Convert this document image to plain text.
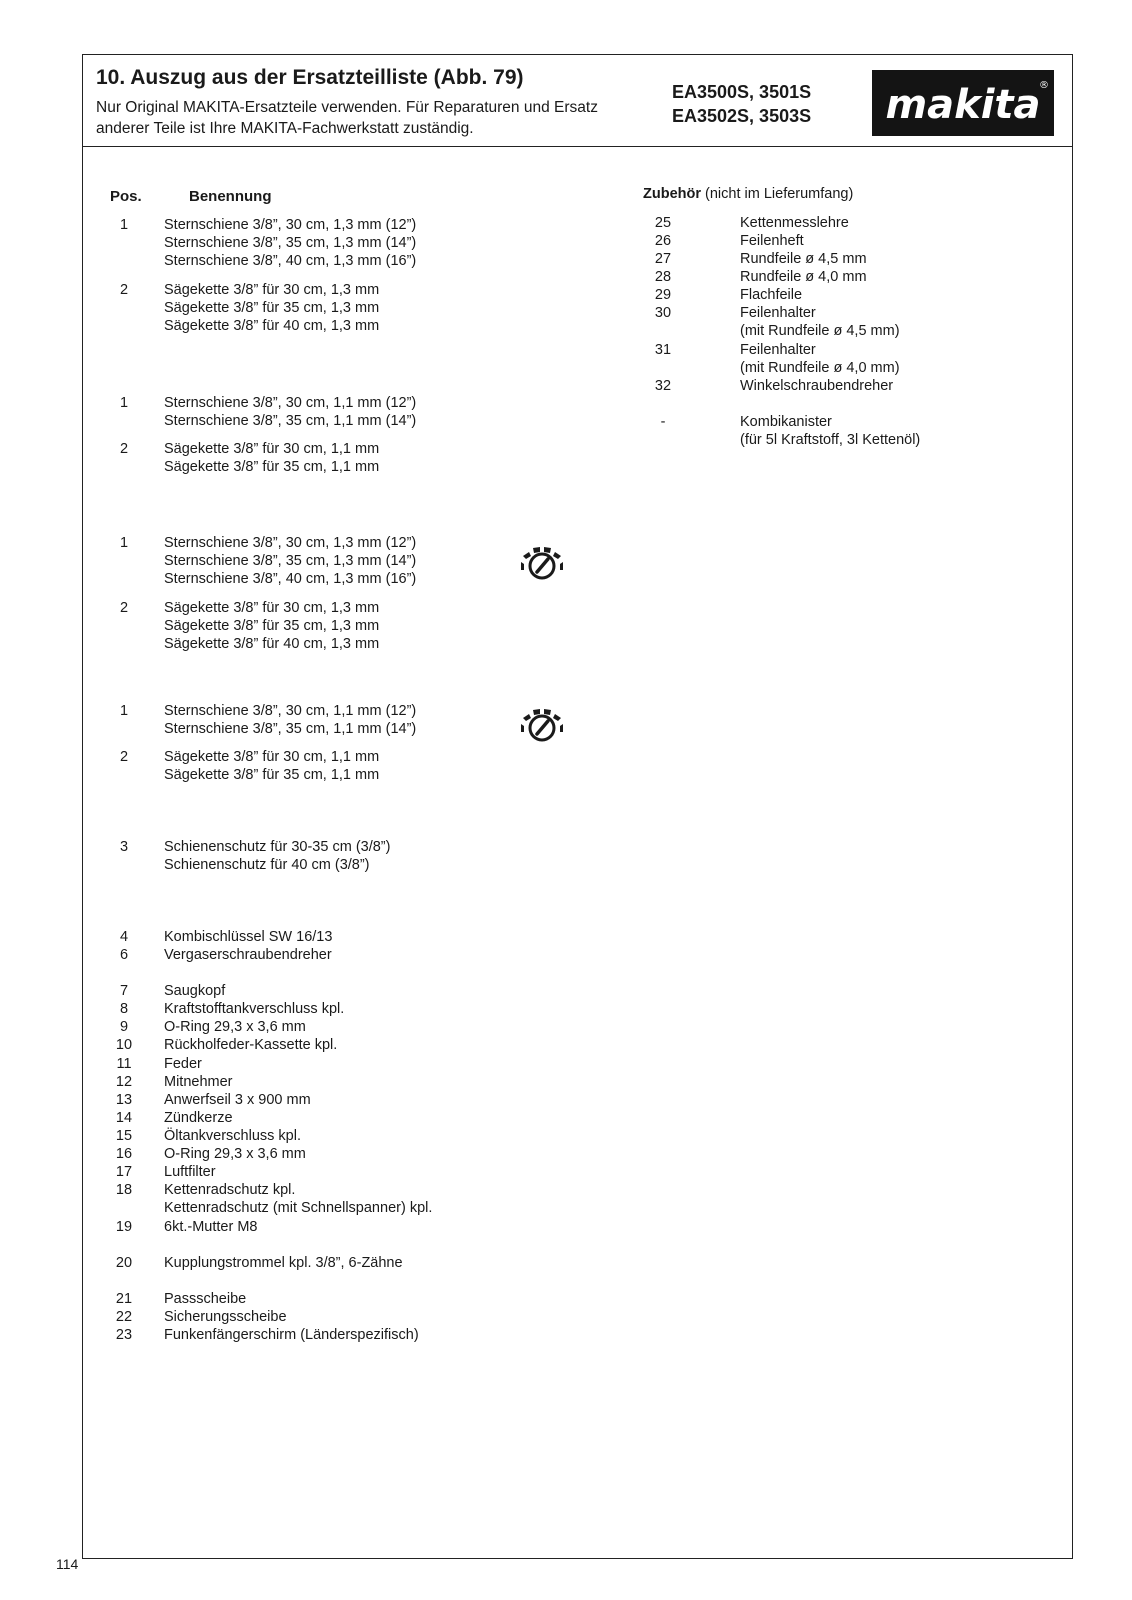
10. Auszug aus der Ersatzteilliste (Abb. 79)
Nur Original MAKITA-Ersatzteile verwenden. Für Reparaturen und Ersatz
anderer Teile ist Ihre MAKITA-Fachwerkstatt zuständig.
EA3500S, 3501S
EA3502S, 3503S makita
®
Pos.	Benennung
1	Sternschiene 3/8”, 30 cm, 1,3 mm (12”)
Sternschiene 3/8”, 35 cm, 1,3 mm (14”)
Sternschiene 3/8”, 40 cm, 1,3 mm (16”)
2	Sägekette 3/8” für 30 cm, 1,3 mm
Sägekette 3/8” für 35 cm, 1,3 mm
Sägekette 3/8” für 40 cm, 1,3 mm
1	Sternschiene 3/8”, 30 cm, 1,1 mm (12”)
Sternschiene 3/8”, 35 cm, 1,1 mm (14”)
2	Sägekette 3/8” für 30 cm, 1,1 mm
Sägekette 3/8” für 35 cm, 1,1 mm
1	Sternschiene 3/8”, 30 cm, 1,3 mm (12”)
Sternschiene 3/8”, 35 cm, 1,3 mm (14”)
Sternschiene 3/8”, 40 cm, 1,3 mm (16”)
2	Sägekette 3/8” für 30 cm, 1,3 mm
Sägekette 3/8” für 35 cm, 1,3 mm
Sägekette 3/8” für 40 cm, 1,3 mm
1	Sternschiene 3/8”, 30 cm, 1,1 mm (12”)
Sternschiene 3/8”, 35 cm, 1,1 mm (14”)
2	Sägekette 3/8” für 30 cm, 1,1 mm
Sägekette 3/8” für 35 cm, 1,1 mm
3	Schienenschutz für 30-35 cm (3/8”)
Schienenschutz für 40 cm (3/8”)
4	Kombischlüssel SW 16/13
6	Vergaserschraubendreher
7	Saugkopf
8	Kraftstofftankverschluss kpl.
9	O-Ring 29,3 x 3,6 mm
10	Rückholfeder-Kassette kpl.
11	Feder
12	Mitnehmer
13	Anwerfseil 3 x 900 mm
14	Zündkerze
15	Öltankverschluss kpl.
16	O-Ring 29,3 x 3,6 mm
17	Luftfilter
18	Kettenradschutz kpl.
Kettenradschutz (mit Schnellspanner) kpl.
19	6kt.-Mutter M8
20	Kupplungstrommel kpl. 3/8”, 6-Zähne
21	Passscheibe
22	Sicherungsscheibe
23	Funkenfängerschirm (Länderspezifisch)
Zubehör (nicht im Lieferumfang)
25	Kettenmesslehre
26	Feilenheft
27	Rundfeile ø 4,5 mm
28	Rundfeile ø 4,0 mm
29	Flachfeile
30	Feilenhalter
(mit Rundfeile ø 4,5 mm)
31	Feilenhalter
(mit Rundfeile ø 4,0 mm)
32	Winkelschraubendreher
-	Kombikanister
(für 5l Kraftstoff, 3l Kettenöl)
114
